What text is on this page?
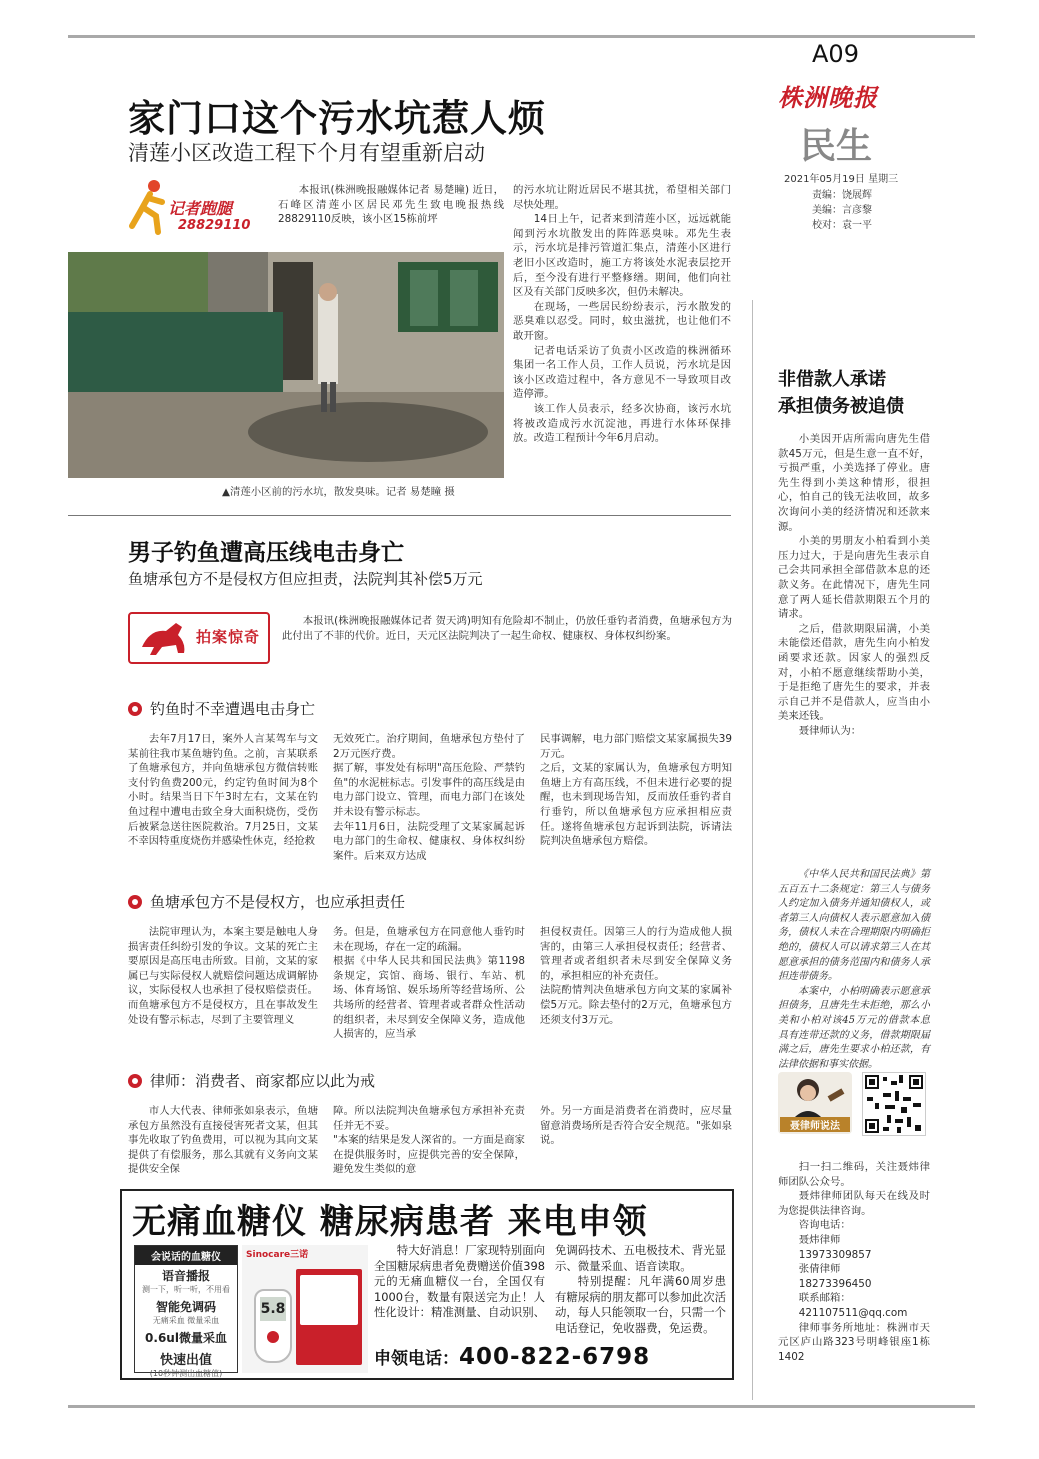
A09
株洲晚报
民生
2021年05月19日 星期三
责编：饶展辉
美编：言彦黎
校对：袁一平
家门口这个污水坑惹人烦
清莲小区改造工程下个月有望重新启动
记者跑腿
28829110

本报讯(株洲晚报融媒体记者 易楚瞳) 近日，石峰区清莲小区居民邓先生致电晚报热线28829110反映，该小区15栋前坪

▲清莲小区前的污水坑，散发臭味。记者 易楚瞳 摄

的污水坑让附近居民不堪其扰，希望相关部门尽快处理。

14日上午，记者来到清莲小区，远远就能闻到污水坑散发出的阵阵恶臭味。邓先生表示，污水坑是排污管道汇集点，清莲小区进行老旧小区改造时，施工方将该处水泥表层挖开后，至今没有进行平整修缮。期间，他们向社区及有关部门反映多次，但仍未解决。

在现场，一些居民纷纷表示，污水散发的恶臭难以忍受。同时，蚊虫滋扰，也让他们不敢开窗。

记者电话采访了负责小区改造的株洲循环集团一名工作人员，工作人员说，污水坑是因该小区改造过程中，各方意见不一导致项目改造停滞。

该工作人员表示，经多次协商，该污水坑将被改造成污水沉淀池，再进行水体环保排放。改造工程预计今年6月启动。

男子钓鱼遭高压线电击身亡
鱼塘承包方不是侵权方但应担责，法院判其补偿5万元
拍案惊奇

本报讯(株洲晚报融媒体记者 贺天鸿)明知有危险却不制止，仍放任垂钓者消费，鱼塘承包方为此付出了不菲的代价。近日，天元区法院判决了一起生命权、健康权、身体权纠纷案。

钓鱼时不幸遭遇电击身亡

去年7月17日，案外人言某驾车与文某前往我市某鱼塘钓鱼。之前，言某联系了鱼塘承包方，并向鱼塘承包方微信转账支付钓鱼费200元，约定钓鱼时间为8个小时。结果当日下午3时左右，文某在钓鱼过程中遭电击致全身大面积烧伤，受伤后被紧急送往医院救治。7月25日，文某不幸因特重度烧伤并感染性休克，经抢救

无效死亡。治疗期间，鱼塘承包方垫付了2万元医疗费。
据了解，事发处有标明"高压危险、严禁钓鱼"的水泥桩标志。引发事件的高压线是由电力部门设立、管理，而电力部门在该处并未设有警示标志。
去年11月6日，法院受理了文某家属起诉电力部门的生命权、健康权、身体权纠纷案件。后来双方达成

民事调解，电力部门赔偿文某家属损失39万元。
之后，文某的家属认为，鱼塘承包方明知鱼塘上方有高压线，不但未进行必要的提醒，也未到现场告知，反而放任垂钓者自行垂钓，所以鱼塘承包方应承担相应责任。遂将鱼塘承包方起诉到法院，诉请法院判决鱼塘承包方赔偿。

鱼塘承包方不是侵权方，也应承担责任

法院审理认为，本案主要是触电人身损害责任纠纷引发的争议。文某的死亡主要原因是高压电击所致。目前，文某的家属已与实际侵权人就赔偿问题达成调解协议，实际侵权人也承担了侵权赔偿责任。而鱼塘承包方不是侵权方，且在事故发生处设有警示标志，尽到了主要管理义

务。但是，鱼塘承包方在同意他人垂钓时未在现场，存在一定的疏漏。
根据《中华人民共和国民法典》第1198条规定，宾馆、商场、银行、车站、机场、体育场馆、娱乐场所等经营场所、公共场所的经营者、管理者或者群众性活动的组织者，未尽到安全保障义务，造成他人损害的，应当承

担侵权责任。因第三人的行为造成他人损害的，由第三人承担侵权责任；经营者、管理者或者组织者未尽到安全保障义务的，承担相应的补充责任。
法院酌情判决鱼塘承包方向文某的家属补偿5万元。除去垫付的2万元，鱼塘承包方还须支付3万元。

律师：消费者、商家都应以此为戒

市人大代表、律师张如泉表示，鱼塘承包方虽然没有直接侵害死者文某，但其事先收取了钓鱼费用，可以视为其向文某提供了有偿服务，那么其就有义务向文某提供安全保

障。所以法院判决鱼塘承包方承担补充责任并无不妥。
"本案的结果是发人深省的。一方面是商家在提供服务时，应提供完善的安全保障，避免发生类似的意

外。另一方面是消费者在消费时，应尽量留意消费场所是否符合安全规范。"张如泉说。

非借款人承诺
承担债务被追债

小美因开店所需向唐先生借款45万元，但是生意一直不好，亏损严重，小美选择了停业。唐先生得到小美这种情形，很担心，怕自己的钱无法收回，故多次询问小美的经济情况和还款来源。

小美的男朋友小柏看到小美压力过大，于是向唐先生表示自己会共同承担全部借款本息的还款义务。在此情况下，唐先生同意了两人延长借款期限五个月的请求。

之后，借款期限届满，小美未能偿还借款，唐先生向小柏发函要求还款。因家人的强烈反对，小柏不愿意继续帮助小美，于是拒绝了唐先生的要求，并表示自己并不是借款人，应当由小美来还钱。

聂律师认为：

《中华人民共和国民法典》第五百五十二条规定：第三人与债务人约定加入债务并通知债权人，或者第三人向债权人表示愿意加入债务，债权人未在合理期限内明确拒绝的，债权人可以请求第三人在其愿意承担的债务范围内和债务人承担连带债务。

本案中，小柏明确表示愿意承担债务，且唐先生未拒绝，那么小美和小柏对该45万元的借款本息具有连带还款的义务，借款期限届满之后，唐先生要求小柏还款，有法律依据和事实依据。

聂律师说法

扫一扫二维码，关注聂炜律师团队公众号。

聂炜律师团队每天在线及时为您提供法律咨询。

咨询电话：

聂炜律师

13973309857

张倩律师

18273396450

联系邮箱：

421107511@qq.com

律师事务所地址：株洲市天元区庐山路323号明峰银座1栋1402

无痛血糖仪 糖尿病患者 来电申领
会说话的血糖仪
语音播报
测一下，听一听，不用看
智能免调码
无痛采血 微量采血
0.6ul微量采血
快速出值
(10秒钟测出血糖值)
Sinocare三诺
5.8

特大好消息！厂家现特别面向全国糖尿病患者免费赠送价值398元的无痛血糖仪一台，全国仅有1000台，数量有限送完为止！人性化设计：精准测量、自动识别、免调码技术、五电极技术、背光显示、微量采血、语音读取。

特别提醒：凡年满60周岁患有糖尿病的朋友都可以参加此次活动，每人只能领取一台，只需一个电话登记，免收器费，免运费。

申领电话：400-822-6798
